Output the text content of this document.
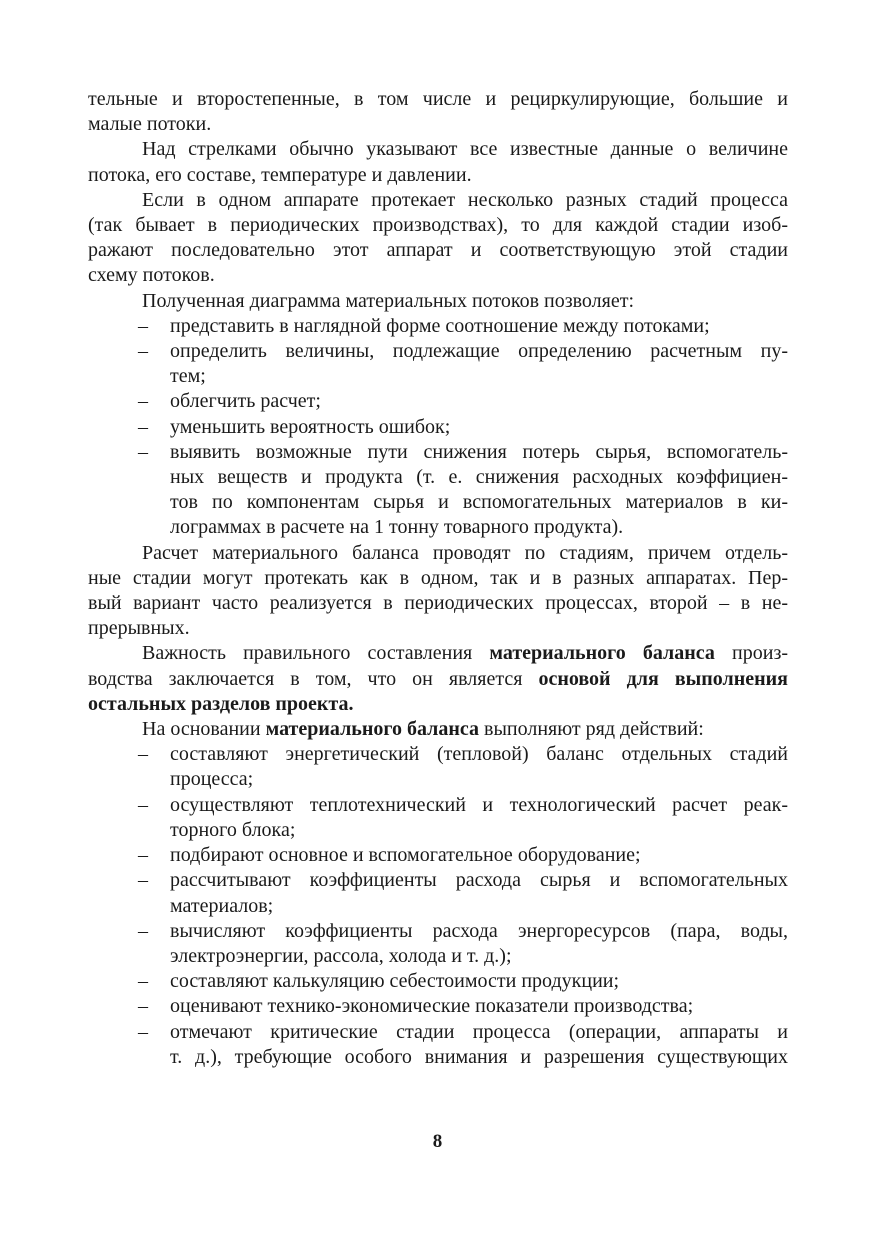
тельные и второстепенные, в том числе и рециркулирующие, большие и
малые потоки.

Над стрелками обычно указывают все известные данные о величине
потока, его составе, температуре и давлении.

Если в одном аппарате протекает несколько разных стадий процесса
(так бывает в периодических производствах), то для каждой стадии изоб-
ражают последовательно этот аппарат и соответствующую этой стадии
схему потоков.

Полученная диаграмма материальных потоков позволяет:

– представить в наглядной форме соотношение между потоками;
– определить величины, подлежащие определению расчетным пу-
тем;
– облегчить расчет;
– уменьшить вероятность ошибок;
– выявить возможные пути снижения потерь сырья, вспомогатель-
ных веществ и продукта (т. е. снижения расходных коэффициен-
тов по компонентам сырья и вспомогательных материалов в ки-
лограммах в расчете на 1 тонну товарного продукта).

Расчет материального баланса проводят по стадиям, причем отдель-
ные стадии могут протекать как в одном, так и в разных аппаратах. Пер-
вый вариант часто реализуется в периодических процессах, второй – в не-
прерывных.

Важность правильного составления материального баланса произ-
водства заключается в том, что он является основой для выполнения
остальных разделов проекта.

На основании материального баланса выполняют ряд действий:

– составляют энергетический (тепловой) баланс отдельных стадий
процесса;
– осуществляют теплотехнический и технологический расчет реак-
торного блока;
– подбирают основное и вспомогательное оборудование;
– рассчитывают коэффициенты расхода сырья и вспомогательных
материалов;
– вычисляют коэффициенты расхода энергоресурсов (пара, воды,
электроэнергии, рассола, холода и т. д.);
– составляют калькуляцию себестоимости продукции;
– оценивают технико-экономические показатели производства;
– отмечают критические стадии процесса (операции, аппараты и
т. д.), требующие особого внимания и разрешения существующих
8
